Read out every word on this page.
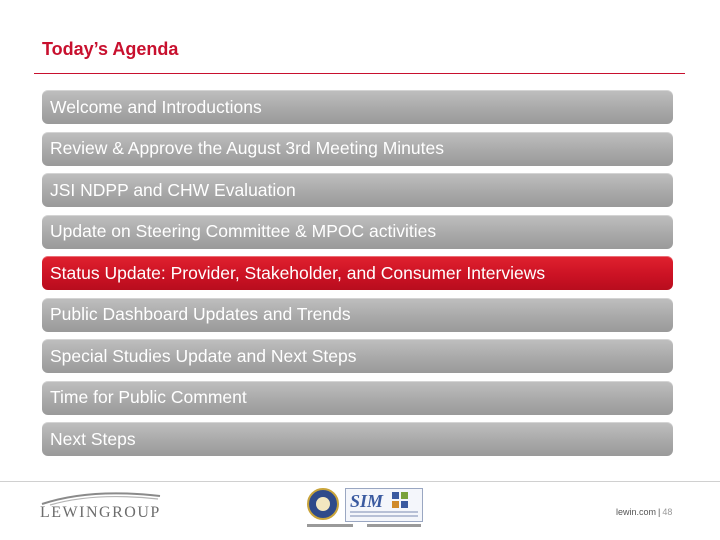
Today’s Agenda
Welcome and Introductions
Review & Approve the August 3rd Meeting Minutes
JSI NDPP and CHW Evaluation
Update on Steering Committee & MPOC activities
Status Update: Provider, Stakeholder, and Consumer Interviews
Public Dashboard Updates and Trends
Special Studies Update and Next Steps
Time for Public Comment
Next Steps
LEWINGROUP
SIM
lewin.com | 48
